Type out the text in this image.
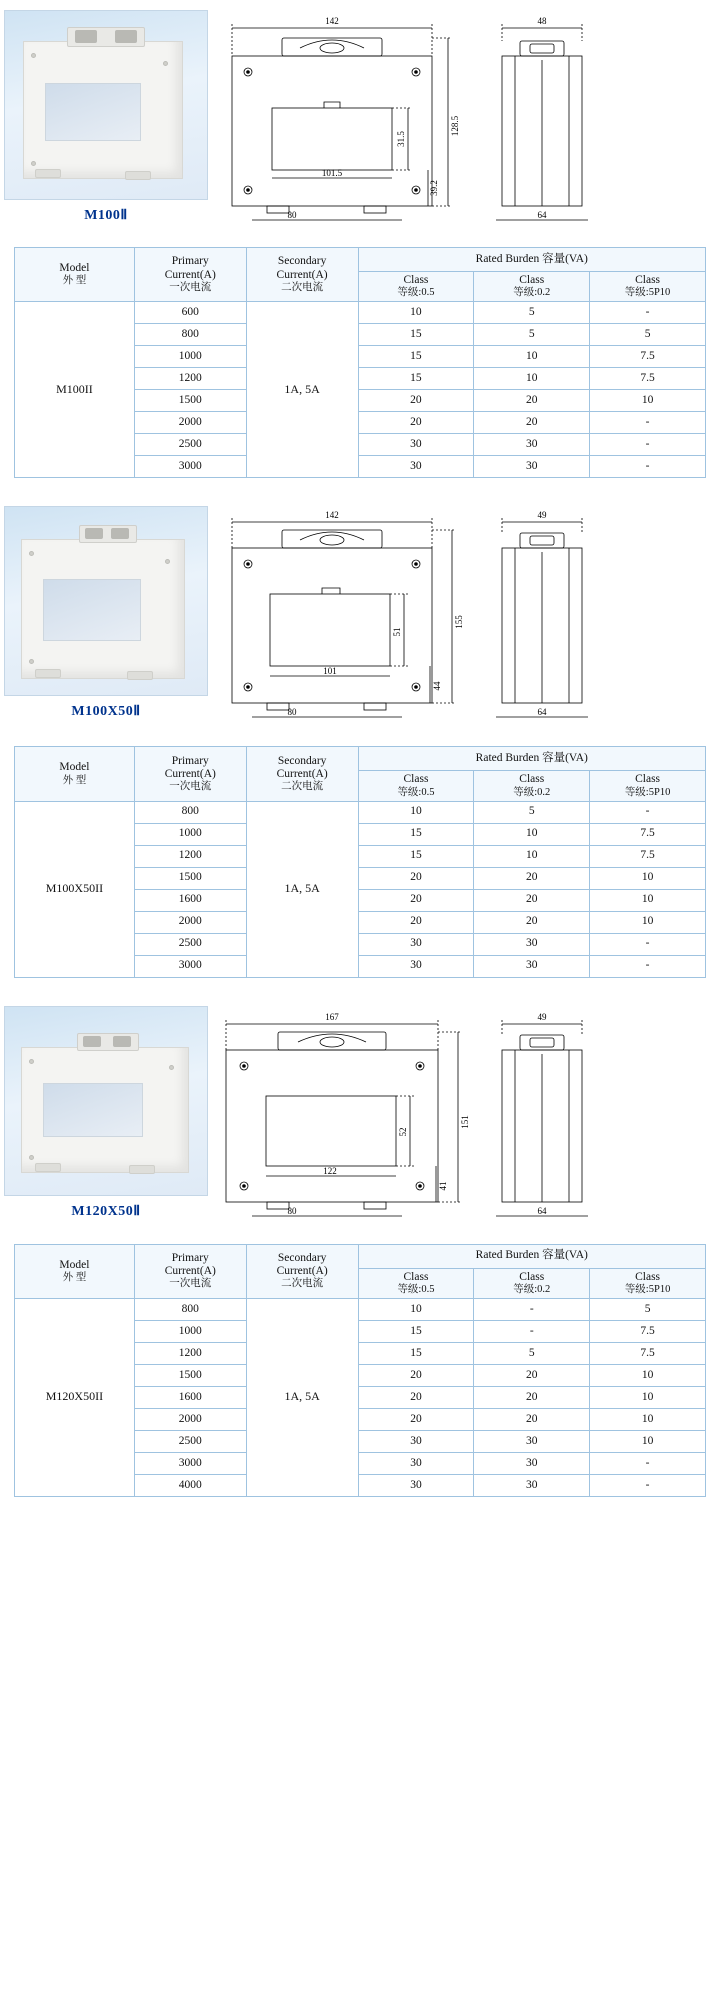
M100Ⅱ
142
80
101.5
48
64
128.5
31.5
39.2
Model
外 型

Primary
Current(A)
一次电流

Secondary
Current(A)
二次电流
	Rated Burden 容量(VA)

Class
等级:0.5

Class
等级:0.2

Class
等级:5P10

M100II	600	1A, 5A	10	5	-
	800		15	5	5
	1000		15	10	7.5
	1200		15	10	7.5
	1500		20	20	10
	2000		20	20	-
	2500		30	30	-
	3000		30	30	-
M100X50Ⅱ
142
80
101
49
64
155
51
44
Model
外 型

Primary
Current(A)
一次电流

Secondary
Current(A)
二次电流
	Rated Burden 容量(VA)

Class
等级:0.5

Class
等级:0.2

Class
等级:5P10

M100X50II	800	1A, 5A	10	5	-
	1000		15	10	7.5
	1200		15	10	7.5
	1500		20	20	10
	1600		20	20	10
	2000		20	20	10
	2500		30	30	-
	3000		30	30	-
M120X50Ⅱ
167
80
122
49
64
151
52
41
Model
外 型

Primary
Current(A)
一次电流

Secondary
Current(A)
二次电流
	Rated Burden 容量(VA)

Class
等级:0.5

Class
等级:0.2

Class
等级:5P10

M120X50II	800	1A, 5A	10	-	5
	1000		15	-	7.5
	1200		15	5	7.5
	1500		20	20	10
	1600		20	20	10
	2000		20	20	10
	2500		30	30	10
	3000		30	30	-
	4000		30	30	-
